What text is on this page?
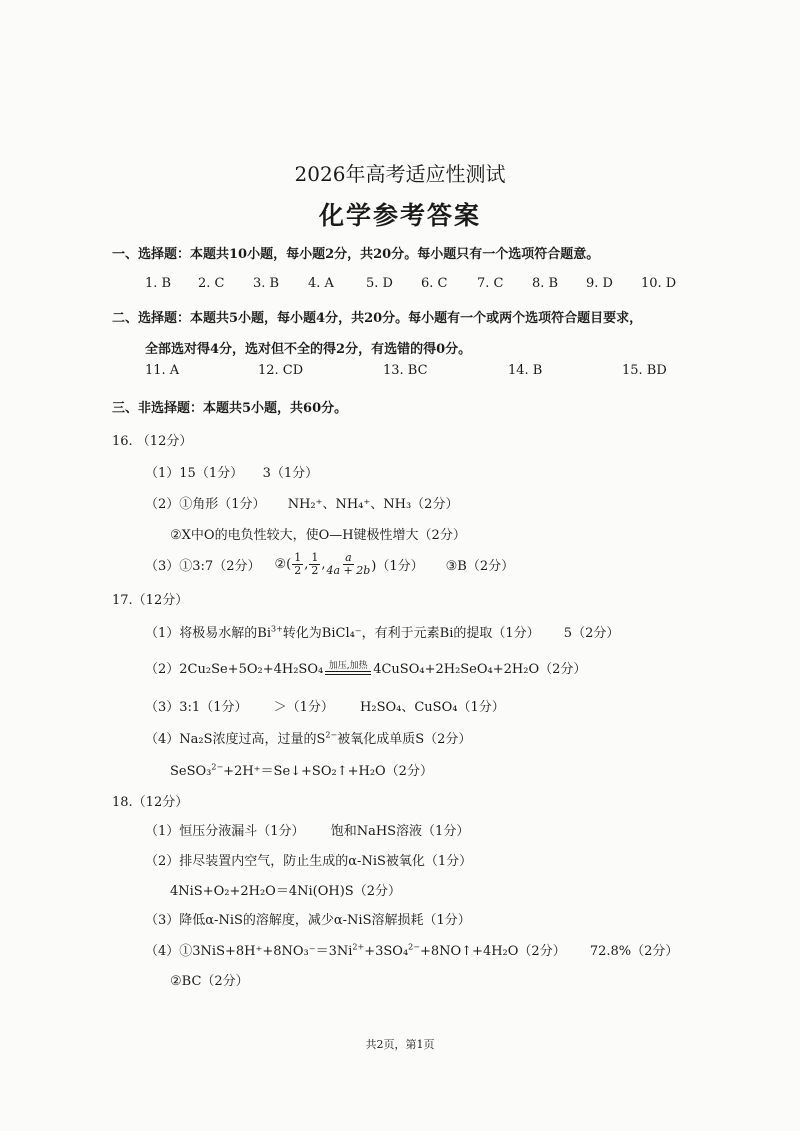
2026年高考适应性测试
化学参考答案
一、选择题：本题共10小题，每小题2分，共20分。每小题只有一个选项符合题意。
1. B 2. C 3. B 4. A 5. D 6. C 7. C 8. B 9. D 10. D
二、选择题：本题共5小题，每小题4分，共20分。每小题有一个或两个选项符合题目要求，
全部选对得4分，选对但不全的得2分，有选错的得0分。
11. A	12. CD	13. BC	14. B	15. BD
三、非选择题：本题共5小题，共60分。
16. （12分）
（1）15（1分）　　3（1分）
（2）①角形（1分） NH₂⁺、NH₄⁺、NH₃（2分）
②X中O的电负性较大，使O—H键极性增大（2分）
（3）①3:7（2分） ②( $\frac{1}{2}$ , $\frac{1}{2}$ , $\frac{a}{4a + 2b} )(1$分） ③B（2分）
17.（12分）
（1）将极易水解的$Bi^{3+}$转化为BiCl₄⁻，有利于元素Bi的提取（1分） 5（2分）
（2）2Cu₂Se+5O₂+4H₂SO₄ 加压,加热 4CuSO₄+2H₂SeO₄+2H₂O（2分）
（3）3:1（1分） ＞（1分） H₂SO₄、CuSO₄（1分）
（4）Na₂S浓度过高，过量的$S^{2-}$被氧化成单质S（2分）
SeSO₃$^{2-}$+2H⁺＝Se↓+SO₂↑+H₂O（2分）
18.（12分）
（1）恒压分液漏斗（1分） 饱和NaHS溶液（1分）
（2）排尽装置内空气，防止生成的α-NiS被氧化（1分）
4NiS+O₂+2H₂O＝4Ni(OH)S（2分）
（3）降低α-NiS的溶解度，减少α-NiS溶解损耗（1分）
$(4)①3NiS+8H^++8NO_3^-=3Ni^{2+}+3SO_4^{2-}+8NO↑+4H_2O(2$分） 72.8%（2分）
②BC（2分）
共2页，第1页
